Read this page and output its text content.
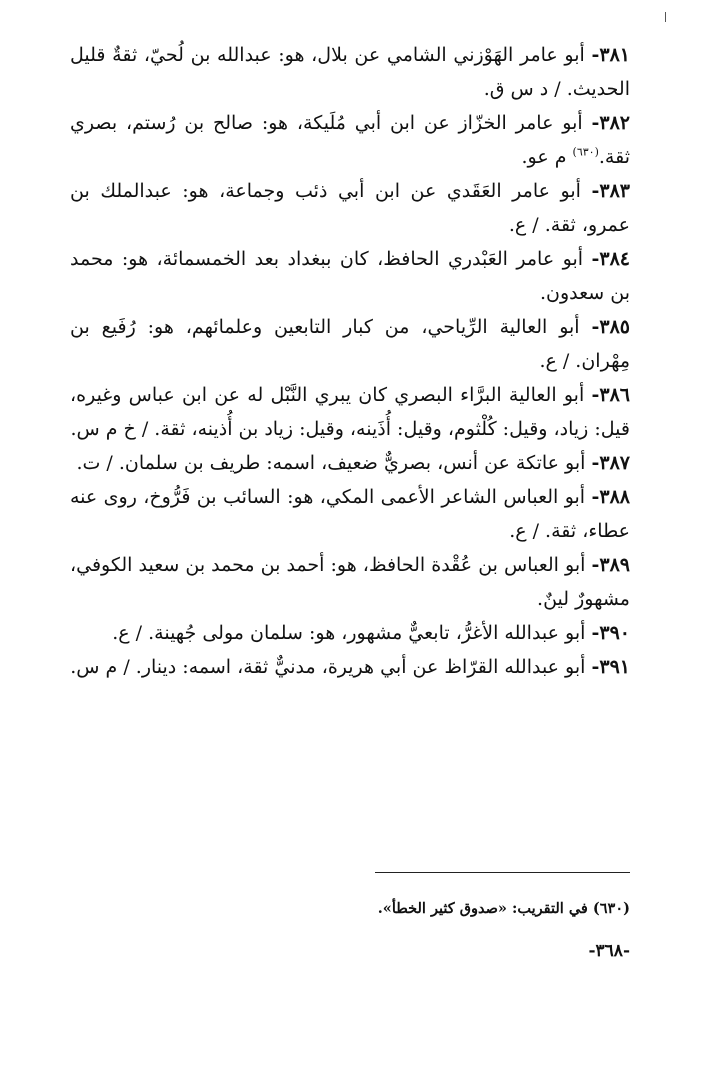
٣٨١- أبو عامر الهَوْزني الشامي عن بلال، هو: عبدالله بن لُحيّ، ثقةٌ قليل الحديث. / د س ق.

٣٨٢- أبو عامر الخزّاز عن ابن أبي مُلَيكة، هو: صالح بن رُستم، بصري ثقة.$^{(٦٣٠)}$ م عو.

٣٨٣- أبو عامر العَقَدي عن ابن أبي ذئب وجماعة، هو: عبدالملك بن عمرو، ثقة. / ع.

٣٨٤- أبو عامر العَبْدري الحافظ، كان ببغداد بعد الخمسمائة، هو: محمد بن سعدون.

٣٨٥- أبو العالية الرِّياحي، من كبار التابعين وعلمائهم، هو: رُفَيع بن مِهْران. / ع.

٣٨٦- أبو العالية البرَّاء البصري كان يبري النَّبْل له عن ابن عباس وغيره، قيل: زياد، وقيل: كُلْثوم، وقيل: أُذَينه، وقيل: زياد بن أُذينه، ثقة. / خ م س.

٣٨٧- أبو عاتكة عن أنس، بصريٌّ ضعيف، اسمه: طريف بن سلمان. / ت.

٣٨٨- أبو العباس الشاعر الأعمى المكي، هو: السائب بن فَرُّوخ، روى عنه عطاء، ثقة. / ع.

٣٨٩- أبو العباس بن عُقْدة الحافظ، هو: أحمد بن محمد بن سعيد الكوفي، مشهورٌ لينٌ.

٣٩٠- أبو عبدالله الأغرُّ، تابعيٌّ مشهور، هو: سلمان مولى جُهينة. / ع.

٣٩١- أبو عبدالله القرّاظ عن أبي هريرة، مدنيٌّ ثقة، اسمه: دينار. / م س.

(٦٣٠) في التقريب: «صدوق كثير الخطأ».
-٣٦٨-
